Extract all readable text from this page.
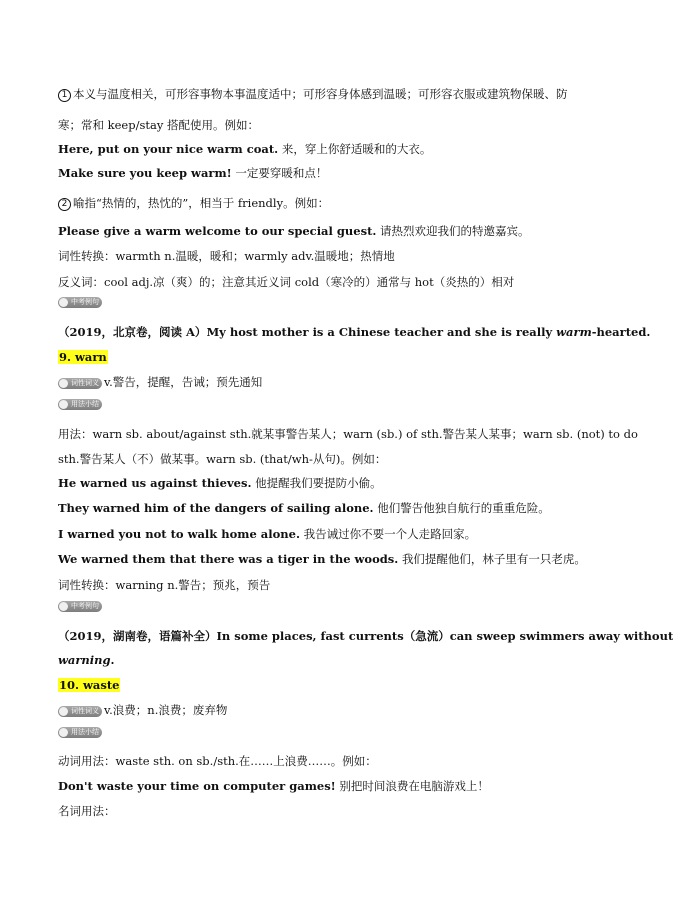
1 本义与温度相关，可形容事物本事温度适中；可形容身体感到温暖；可形容衣服或建筑物保暖、防
寒；常和 keep/stay 搭配使用。例如：
Here, put on your nice warm coat. 来，穿上你舒适暖和的大衣。
Make sure you keep warm! 一定要穿暖和点！
2 喻指“热情的，热忱的”，相当于 friendly。例如：
Please give a warm welcome to our special guest. 请热烈欢迎我们的特邀嘉宾。
词性转换：warmth n.温暖，暖和；warmly adv.温暖地；热情地
反义词：cool adj.凉（爽）的；注意其近义词 cold（寒冷的）通常与 hot（炎热的）相对
中考例句
（2019，北京卷，阅读 A）My host mother is a Chinese teacher and she is really warm-hearted.
9. warn
词性词义 v.警告，提醒，告诫；预先通知
用法小结
用法：warn sb. about/against sth.就某事警告某人；warn (sb.) of sth.警告某人某事；warn sb. (not) to do
sth.警告某人（不）做某事。warn sb. (that/wh-从句)。例如：
He warned us against thieves. 他提醒我们要提防小偷。
They warned him of the dangers of sailing alone. 他们警告他独自航行的重重危险。
I warned you not to walk home alone. 我告诫过你不要一个人走路回家。
We warned them that there was a tiger in the woods. 我们提醒他们，林子里有一只老虎。
词性转换：warning n.警告；预兆，预告
中考例句
（2019，湖南卷，语篇补全）In some places, fast currents（急流）can sweep swimmers away without
warning.
10. waste
词性词义 v.浪费；n.浪费；废弃物
用法小结
动词用法：waste sth. on sb./sth.在……上浪费……。例如：
Don't waste your time on computer games! 别把时间浪费在电脑游戏上！
名词用法：
